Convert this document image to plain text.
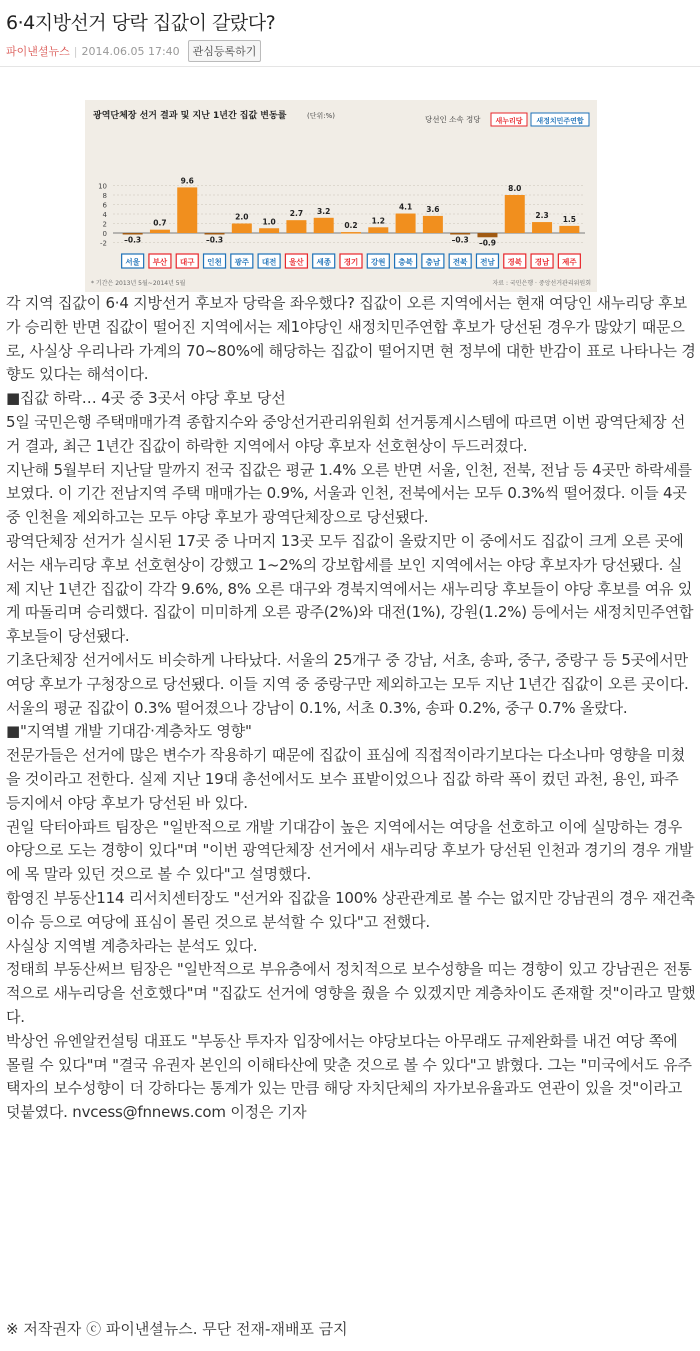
6·4지방선거 당락 집값이 갈랐다?
파이낸셜뉴스 | 2014.06.05 17:40	관심등록하기
광역단체장 선거 결과 및 지난 1년간 집값 변동률	(단위:%)	당선인 소속 정당 새누리당 새정치민주연합
10
8
6
4
2
0
-2 –0.3
서울
0.7
부산
9.6
대구
–0.3
인천
2.0
광주
1.0
대전
2.7
울산
3.2
세종
0.2
경기
1.2
강원
4.1
충북
3.6
충남
–0.3
전북
–0.9
전남
8.0
경북
2.3
경남
1.5
제주
* 기간은 2013년 5월~2014년 5월	자료 : 국민은행 · 중앙선거관리위원회

각 지역 집값이 6·4 지방선거 후보자 당락을 좌우했다? 집값이 오른 지역에서는 현재 여당인 새누리당 후보가 승리한 반면 집값이 떨어진 지역에서는 제1야당인 새정치민주연합 후보가 당선된 경우가 많았기 때문으로, 사실상 우리나라 가계의 70~80%에 해당하는 집값이 떨어지면 현 정부에 대한 반감이 표로 나타나는 경향도 있다는 해석이다.

■집값 하락… 4곳 중 3곳서 야당 후보 당선

5일 국민은행 주택매매가격 종합지수와 중앙선거관리위원회 선거통계시스템에 따르면 이번 광역단체장 선거 결과, 최근 1년간 집값이 하락한 지역에서 야당 후보자 선호현상이 두드러졌다.

지난해 5월부터 지난달 말까지 전국 집값은 평균 1.4% 오른 반면 서울, 인천, 전북, 전남 등 4곳만 하락세를 보였다. 이 기간 전남지역 주택 매매가는 0.9%, 서울과 인천, 전북에서는 모두 0.3%씩 떨어졌다. 이들 4곳 중 인천을 제외하고는 모두 야당 후보가 광역단체장으로 당선됐다.

광역단체장 선거가 실시된 17곳 중 나머지 13곳 모두 집값이 올랐지만 이 중에서도 집값이 크게 오른 곳에서는 새누리당 후보 선호현상이 강했고 1~2%의 강보합세를 보인 지역에서는 야당 후보자가 당선됐다. 실제 지난 1년간 집값이 각각 9.6%, 8% 오른 대구와 경북지역에서는 새누리당 후보들이 야당 후보를 여유 있게 따돌리며 승리했다. 집값이 미미하게 오른 광주(2%)와 대전(1%), 강원(1.2%) 등에서는 새정치민주연합 후보들이 당선됐다.

기초단체장 선거에서도 비슷하게 나타났다. 서울의 25개구 중 강남, 서초, 송파, 중구, 중랑구 등 5곳에서만 여당 후보가 구청장으로 당선됐다. 이들 지역 중 중랑구만 제외하고는 모두 지난 1년간 집값이 오른 곳이다. 서울의 평균 집값이 0.3% 떨어졌으나 강남이 0.1%, 서초 0.3%, 송파 0.2%, 중구 0.7% 올랐다.

■"지역별 개발 기대감·계층차도 영향"

전문가들은 선거에 많은 변수가 작용하기 때문에 집값이 표심에 직접적이라기보다는 다소나마 영향을 미쳤을 것이라고 전한다. 실제 지난 19대 총선에서도 보수 표밭이었으나 집값 하락 폭이 컸던 과천, 용인, 파주 등지에서 야당 후보가 당선된 바 있다.

권일 닥터아파트 팀장은 "일반적으로 개발 기대감이 높은 지역에서는 여당을 선호하고 이에 실망하는 경우 야당으로 도는 경향이 있다"며 "이번 광역단체장 선거에서 새누리당 후보가 당선된 인천과 경기의 경우 개발에 목 말라 있던 것으로 볼 수 있다"고 설명했다.

함영진 부동산114 리서치센터장도 "선거와 집값을 100% 상관관계로 볼 수는 없지만 강남권의 경우 재건축 이슈 등으로 여당에 표심이 몰린 것으로 분석할 수 있다"고 전했다.

사실상 지역별 계층차라는 분석도 있다.

정태희 부동산써브 팀장은 "일반적으로 부유층에서 정치적으로 보수성향을 띠는 경향이 있고 강남권은 전통적으로 새누리당을 선호했다"며 "집값도 선거에 영향을 줬을 수 있겠지만 계층차이도 존재할 것"이라고 말했다.

박상언 유엔알컨설팅 대표도 "부동산 투자자 입장에서는 야당보다는 아무래도 규제완화를 내건 여당 쪽에 몰릴 수 있다"며 "결국 유권자 본인의 이해타산에 맞춘 것으로 볼 수 있다"고 밝혔다. 그는 "미국에서도 유주택자의 보수성향이 더 강하다는 통계가 있는 만큼 해당 자치단체의 자가보유율과도 연관이 있을 것"이라고 덧붙였다. nvcess@fnnews.com 이정은 기자

※ 저작권자 ⓒ 파이낸셜뉴스. 무단 전재-재배포 금지
